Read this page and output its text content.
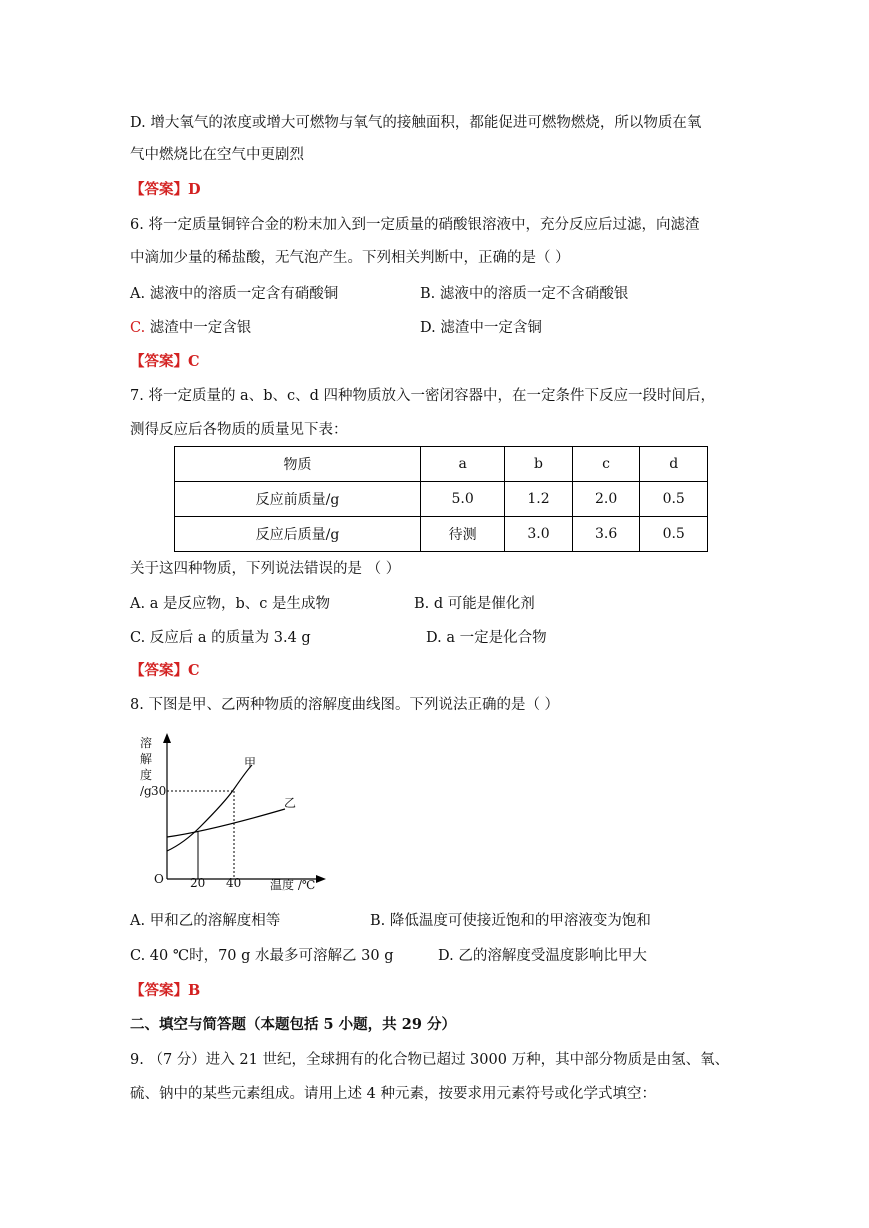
D. 增大氧气的浓度或增大可燃物与氧气的接触面积，都能促进可燃物燃烧，所以物质在氧
气中燃烧比在空气中更剧烈
【答案】D
6. 将一定质量铜锌合金的粉末加入到一定质量的硝酸银溶液中，充分反应后过滤，向滤渣
中滴加少量的稀盐酸，无气泡产生。下列相关判断中，正确的是（ ）
A. 滤液中的溶质一定含有硝酸铜	B. 滤液中的溶质一定不含硝酸银
C. 滤渣中一定含银	D. 滤渣中一定含铜
【答案】C
7. 将一定质量的 a、b、c、d 四种物质放入一密闭容器中，在一定条件下反应一段时间后，
测得反应后各物质的质量见下表：
物质	a	b	c	d
反应前质量/g	5.0	1.2	2.0	0.5
反应后质量/g	待测	3.0	3.6	0.5
关于这四种物质，下列说法错误的是 （ ）
A. a 是反应物，b、c 是生成物	B. d 可能是催化剂
C. 反应后 a 的质量为 3.4 g	D. a 一定是化合物
【答案】C
8. 下图是甲、乙两种物质的溶解度曲线图。下列说法正确的是（ ）
溶
解
度
/g 30
O 20 40 温度 /℃
甲
乙
A. 甲和乙的溶解度相等	B. 降低温度可使接近饱和的甲溶液变为饱和
C. 40 ℃时，70 g 水最多可溶解乙 30 g	D. 乙的溶解度受温度影响比甲大
【答案】B
二、填空与简答题（本题包括 5 小题，共 29 分）
9. （7 分）进入 21 世纪，全球拥有的化合物已超过 3000 万种，其中部分物质是由氢、氧、
硫、钠中的某些元素组成。请用上述 4 种元素，按要求用元素符号或化学式填空：
